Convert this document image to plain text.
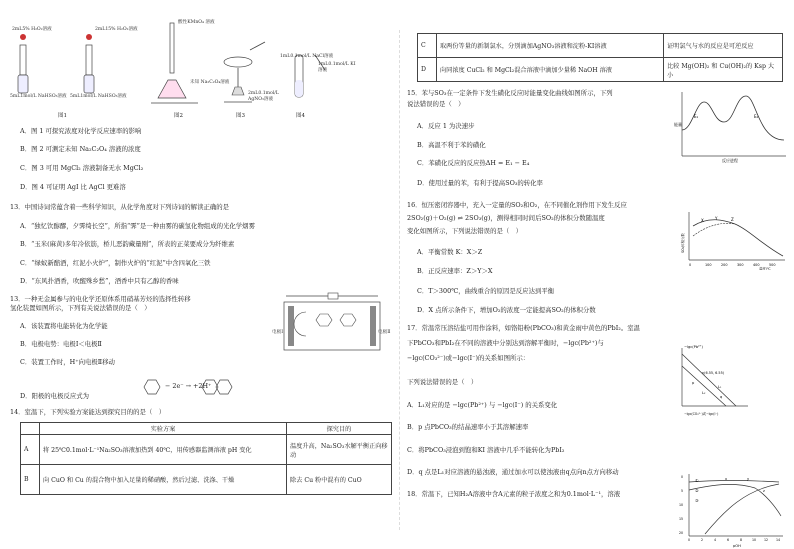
2mL5% H₂O₂溶液	2mL15% H₂O₂溶液
5mL1mol/L NaHSO₃溶液 5mL1mol/L NaHSO₃溶液
图1
酸性KMnO₄ 溶液
未知 Na₂C₂O₄溶液
图2	图3
1mL0.1mol/L NaCl溶液
1mL0.1mol/L KI溶液
2mL0.1mol/L AgNO₃溶液
图4
A．图 1 可探究浓度对化学反应速率的影响
B．图 2 可测定未知 Na₂C₂O₄ 溶液的浓度
C．图 3 可用 MgCl₂ 溶液制备无水 MgCl₂
D．图 4 可证明 AgI 比 AgCl 更难溶
13．中国诗词常蕴含着一些科学知识，从化学角度对下列诗词的解读正确的是
A．“独忆饮醇醪，夕霁绮长空”，所指“霁”是一种由雾的碳氢化物组成的光化学烟雾
B．“玉米(麻黄)多年冷依筋，桥儿恶韵藏量刚”，所表的正菜要成分为纤维素
C．“绿蚁新醅酒，红泥小火炉”，制作火炉的“红泥”中含四氧化三铁
D．“东风扑酒香，吹醒殊乡愁”，酒香中只有乙醇的香味
13．一种无金属参与的电化学还原体系用硝基芳烃的选择性转移
氢化装置如图所示，下列有关说法错误的是（　）
电极Ⅰ	电极Ⅱ
A．该装置将电能转化为化学能
B．电极电势：电极Ⅰ＜电极Ⅱ
C．装置工作时，H⁺向电极Ⅱ移动
D．阳极的电极反应式为
− 2e⁻ → +2H⁺
14．室温下，下列实验方案能达到探究目的的是（　）
	实验方案	探究目的
A	将 25℃0.1mol·L⁻¹Na₂SO₃溶液加热到 40℃，用传感器监测溶液 pH 变化	温度升高，Na₂SO₃水解平衡正向移动
B	向 CuO 和 Cu 的混合物中加入足量的稀硝酸，然后过滤、洗涤、干燥	除去 Cu 粉中混有的 CuO
C	取两份等量的新制氯水，分别滴加AgNO₃溶液和淀粉-KI溶液	证明氯气与水的反应是可逆反应
D	向同浓度 CuCl₂ 和 MgCl₂混合溶液中滴加少量稀 NaOH 溶液	比较 Mg(OH)₂ 和 Cu(OH)₂的 Ksp 大小
15．苯与SO₃在一定条件下发生磺化反应时能量变化曲线如图所示，下列
说法错误的是（　）
A．反应 1 为决速步
B．高温不利于苯的磺化
C．苯磺化反应的反应热ΔH = E₁ − E₄
D．使用过量的苯，有利于提高SO₃的转化率
能量
反应进程
E₁	E₄
16．恒压密闭容器中，充入一定量的SO₂和O₂，在不同催化剂作用下发生反应
2SO₂(g)＋O₂(g) ⇌ 2SO₃(g)，测得相同时间后SO₂的体积分数随温度
变化如图所示，下列说法错误的是（　）
A．平衡常数 K：X＞Z
B．正反应速率：Z＞Y＞X
C．T＞300℃，曲线重合的原因是反应达到平衡
D．X 点所示条件下，增加O₂的浓度一定能提高SO₂的体积分数
X	Y	Z
0	100	200	300	400	500
温度/℃
SO₂体积分数
17．常温常压溶结盐可用作涂料，如铬铅粉(PbCO₃)和黄金雨中黄色的PbI₂。室温
下PbCO₃和PbI₂在不同的溶液中分别达到溶解平衡时，−lgc(Pb²⁺)与
−lgc(CO₃²⁻)或−lgc(I⁻)的关系如图所示：
下列说法错误的是（　）
A．L₁对应的是 −lgc(Pb²⁺) 与 −lgc(I⁻) 的关系变化
B．p 点PbCO₃的结晶速率小于其溶解速率
C．将PbCO₃浸泡到饱和KI 溶液中几乎不能转化为PbI₂
D．q 点是L₁对应溶液的悬浊液，通过加水可以使浊液由q点向n点方向移动
−lgc(Pb²⁺)
−lgc(CO₃²⁻)或−lgc(I⁻)
n(6.55, 6.55)
L₁
L₂
p
q
18．常温下，已知H₂A溶液中含A元素的粒子浓度之和为0.1mol·L⁻¹，溶液
①
②
③
x	y
z
0
5
10
15
20
0	2	4	6	8	10 12 14
pOH
